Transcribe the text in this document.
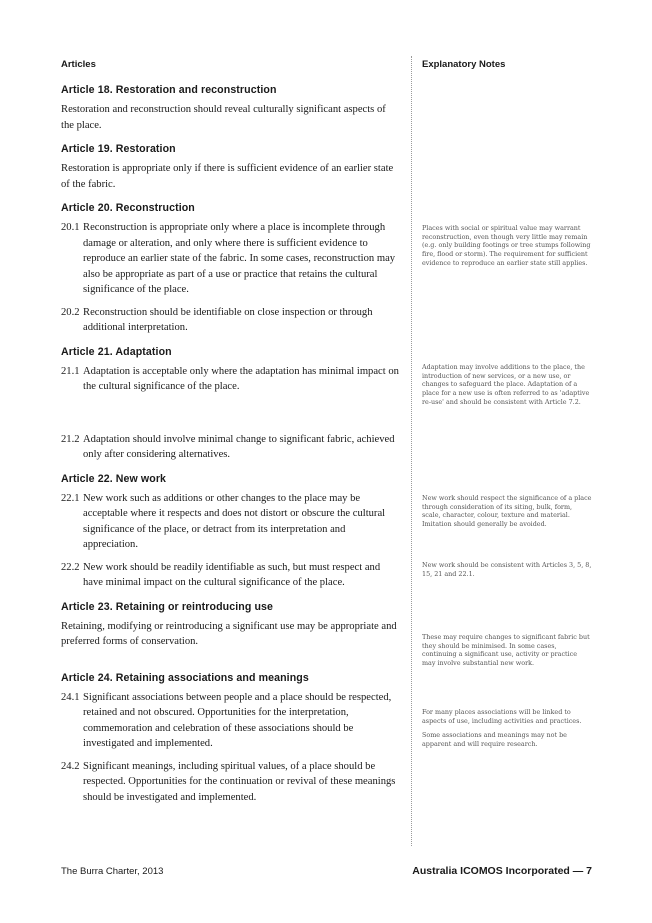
Articles	Explanatory Notes
Article 18. Restoration and reconstruction

Restoration and reconstruction should reveal culturally significant aspects of the place.

Article 19. Restoration

Restoration is appropriate only if there is sufficient evidence of an earlier state of the fabric.

Article 20. Reconstruction
20.1 Reconstruction is appropriate only where a place is incomplete through damage or alteration, and only where there is sufficient evidence to reproduce an earlier state of the fabric. In some cases, reconstruction may also be appropriate as part of a use or practice that retains the cultural significance of the place.
20.2 Reconstruction should be identifiable on close inspection or through additional interpretation.
Article 21. Adaptation
21.1 Adaptation is acceptable only where the adaptation has minimal impact on the cultural significance of the place.
21.2 Adaptation should involve minimal change to significant fabric, achieved only after considering alternatives.
Article 22. New work
22.1 New work such as additions or other changes to the place may be acceptable where it respects and does not distort or obscure the cultural significance of the place, or detract from its interpretation and appreciation.
22.2 New work should be readily identifiable as such, but must respect and have minimal impact on the cultural significance of the place.
Article 23. Retaining or reintroducing use

Retaining, modifying or reintroducing a significant use may be appropriate and preferred forms of conservation.

Article 24. Retaining associations and meanings
24.1 Significant associations between people and a place should be respected, retained and not obscured. Opportunities for the interpretation, commemoration and celebration of these associations should be investigated and implemented.
24.2 Significant meanings, including spiritual values, of a place should be respected. Opportunities for the continuation or revival of these meanings should be investigated and implemented.

Places with social or spiritual value may warrant reconstruction, even though very little may remain (e.g. only building footings or tree stumps following fire, flood or storm). The requirement for sufficient evidence to reproduce an earlier state still applies.

Adaptation may involve additions to the place, the introduction of new services, or a new use, or changes to safeguard the place. Adaptation of a place for a new use is often referred to as 'adaptive re-use' and should be consistent with Article 7.2.

New work should respect the significance of a place through consideration of its siting, bulk, form, scale, character, colour, texture and material. Imitation should generally be avoided.

New work should be consistent with Articles 3, 5, 8, 15, 21 and 22.1.

These may require changes to significant fabric but they should be minimised. In some cases, continuing a significant use, activity or practice may involve substantial new work.

For many places associations will be linked to aspects of use, including activities and practices.

Some associations and meanings may not be apparent and will require research.

The Burra Charter, 2013	Australia ICOMOS Incorporated — 7
